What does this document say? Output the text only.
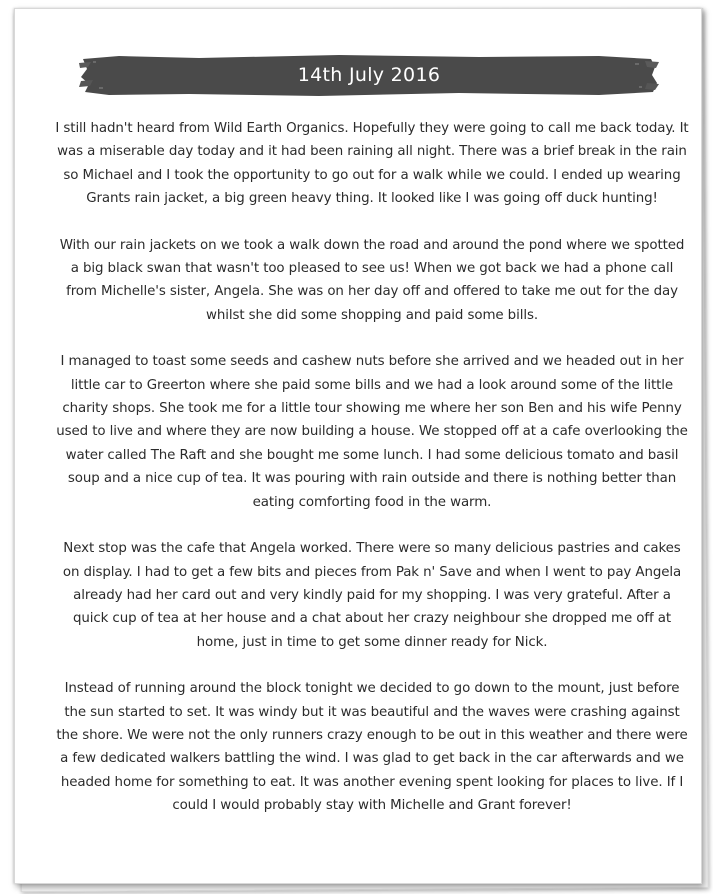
14th July 2016

I still hadn't heard from Wild Earth Organics. Hopefully they were going to call me back today. It was a miserable day today and it had been raining all night. There was a brief break in the rain so Michael and I took the opportunity to go out for a walk while we could. I ended up wearing Grants rain jacket, a big green heavy thing. It looked like I was going off duck hunting!

With our rain jackets on we took a walk down the road and around the pond where we spotted a big black swan that wasn't too pleased to see us! When we got back we had a phone call from Michelle's sister, Angela. She was on her day off and offered to take me out for the day whilst she did some shopping and paid some bills.

I managed to toast some seeds and cashew nuts before she arrived and we headed out in her little car to Greerton where she paid some bills and we had a look around some of the little charity shops. She took me for a little tour showing me where her son Ben and his wife Penny used to live and where they are now building a house. We stopped off at a cafe overlooking the water called The Raft and she bought me some lunch. I had some delicious tomato and basil soup and a nice cup of tea. It was pouring with rain outside and there is nothing better than eating comforting food in the warm.

Next stop was the cafe that Angela worked. There were so many delicious pastries and cakes on display. I had to get a few bits and pieces from Pak n' Save and when I went to pay Angela already had her card out and very kindly paid for my shopping. I was very grateful. After a quick cup of tea at her house and a chat about her crazy neighbour she dropped me off at home, just in time to get some dinner ready for Nick.

Instead of running around the block tonight we decided to go down to the mount, just before the sun started to set. It was windy but it was beautiful and the waves were crashing against the shore. We were not the only runners crazy enough to be out in this weather and there were a few dedicated walkers battling the wind. I was glad to get back in the car afterwards and we headed home for something to eat. It was another evening spent looking for places to live. If I could I would probably stay with Michelle and Grant forever!
